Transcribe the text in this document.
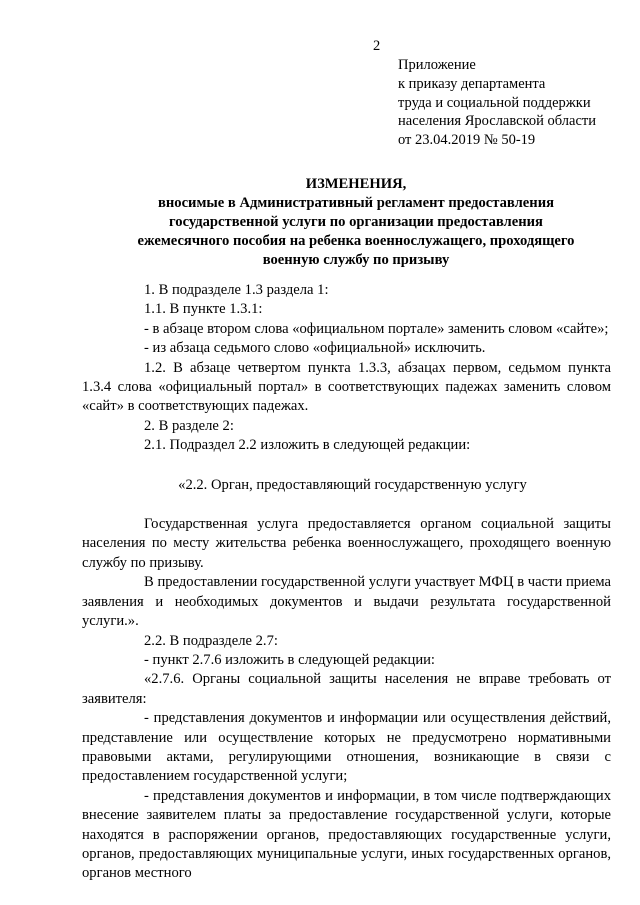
2
Приложение
к приказу департамента
труда и социальной поддержки
населения Ярославской области
от 23.04.2019 № 50-19
ИЗМЕНЕНИЯ,
вносимые в Административный регламент предоставления
государственной услуги по организации предоставления
ежемесячного пособия на ребенка военнослужащего, проходящего
военную службу по призыву

1. В подразделе 1.3 раздела 1:

1.1. В пункте 1.3.1:

- в абзаце втором слова «официальном портале» заменить словом «сайте»;

- из абзаца седьмого слово «официальной» исключить.

1.2. В абзаце четвертом пункта 1.3.3, абзацах первом, седьмом пункта 1.3.4 слова «официальный портал» в соответствующих падежах заменить словом «сайт» в соответствующих падежах.

2. В разделе 2:

2.1. Подраздел 2.2 изложить в следующей редакции:

«2.2. Орган, предоставляющий государственную услугу

Государственная услуга предоставляется органом социальной защиты населения по месту жительства ребенка военнослужащего, проходящего военную службу по призыву.

В предоставлении государственной услуги участвует МФЦ в части приема заявления и необходимых документов и выдачи результата государственной услуги.».

2.2. В подразделе 2.7:

- пункт 2.7.6 изложить в следующей редакции:

«2.7.6. Органы социальной защиты населения не вправе требовать от заявителя:

- представления документов и информации или осуществления действий, представление или осуществление которых не предусмотрено нормативными правовыми актами, регулирующими отношения, возникающие в связи с предоставлением государственной услуги;

- представления документов и информации, в том числе подтверждающих внесение заявителем платы за предоставление государственной услуги, которые находятся в распоряжении органов, предоставляющих государственные услуги, органов, предоставляющих муниципальные услуги, иных государственных органов, органов местного
